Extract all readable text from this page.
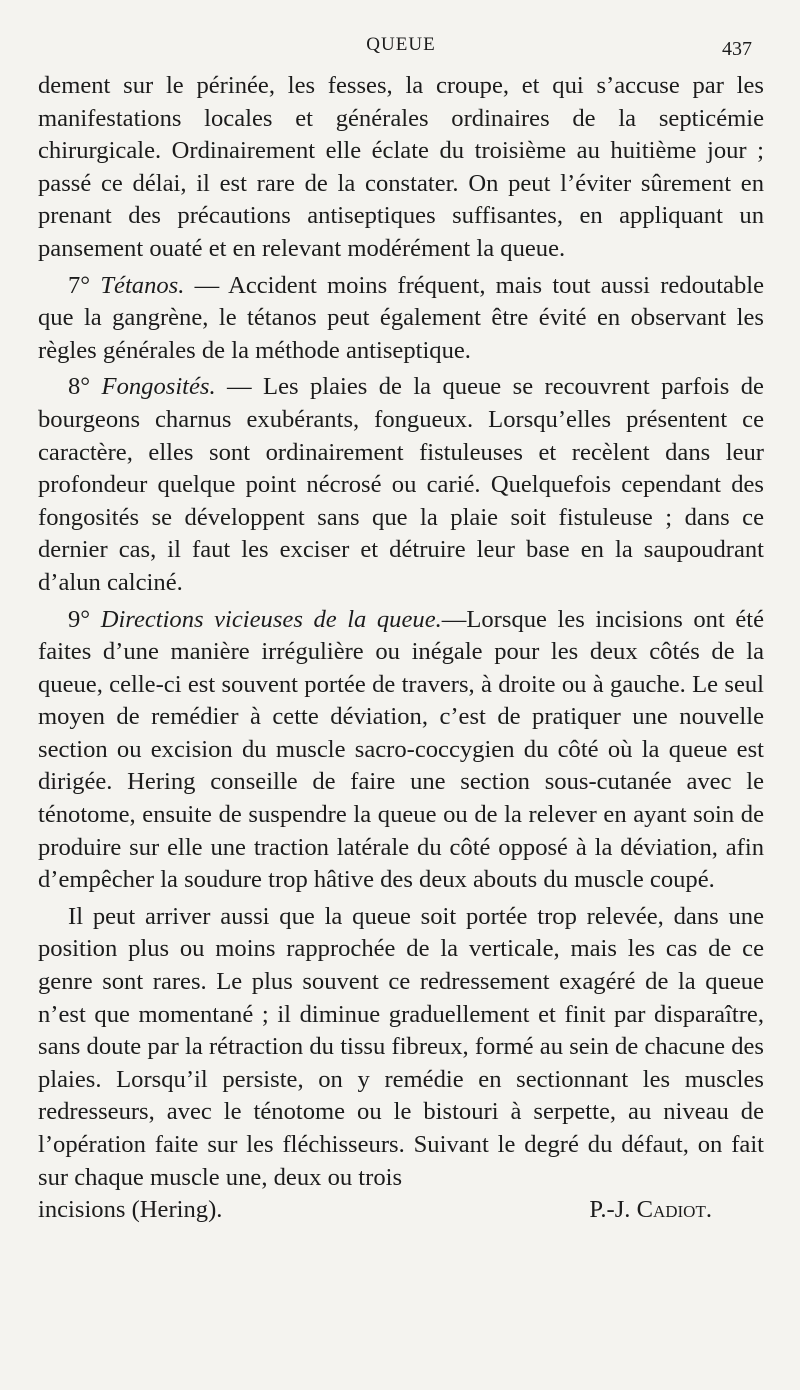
QUEUE	437

dement sur le périnée, les fesses, la croupe, et qui s’accuse par les manifestations locales et générales ordinaires de la septicémie chirurgicale. Ordinairement elle éclate du troisième au huitième jour ; passé ce délai, il est rare de la constater. On peut l’éviter sûrement en prenant des précautions antiseptiques suffisantes, en appliquant un pansement ouaté et en relevant modérément la queue.

7° Tétanos. — Accident moins fréquent, mais tout aussi redoutable que la gangrène, le tétanos peut également être évité en observant les règles générales de la méthode antiseptique.

8° Fongosités. — Les plaies de la queue se recouvrent parfois de bourgeons charnus exubérants, fongueux. Lorsqu’elles présentent ce caractère, elles sont ordinairement fistuleuses et recèlent dans leur profondeur quelque point nécrosé ou carié. Quelquefois cependant des fongosités se développent sans que la plaie soit fistuleuse ; dans ce dernier cas, il faut les exciser et détruire leur base en la saupoudrant d’alun calciné.

9° Directions vicieuses de la queue.—Lorsque les incisions ont été faites d’une manière irrégulière ou inégale pour les deux côtés de la queue, celle-ci est souvent portée de travers, à droite ou à gauche. Le seul moyen de remédier à cette déviation, c’est de pratiquer une nouvelle section ou excision du muscle sacro-coccygien du côté où la queue est dirigée. Hering conseille de faire une section sous-cutanée avec le ténotome, ensuite de suspendre la queue ou de la relever en ayant soin de produire sur elle une traction latérale du côté opposé à la déviation, afin d’empêcher la soudure trop hâtive des deux abouts du muscle coupé.

Il peut arriver aussi que la queue soit portée trop relevée, dans une position plus ou moins rapprochée de la verticale, mais les cas de ce genre sont rares. Le plus souvent ce redressement exagéré de la queue n’est que momentané ; il diminue graduellement et finit par disparaître, sans doute par la rétraction du tissu fibreux, formé au sein de chacune des plaies. Lorsqu’il persiste, on y remédie en sectionnant les muscles redresseurs, avec le ténotome ou le bistouri à serpette, au niveau de l’opération faite sur les fléchisseurs. Suivant le degré du défaut, on fait sur chaque muscle une, deux ou trois

incisions (Hering).	P.-J. Cadiot.
